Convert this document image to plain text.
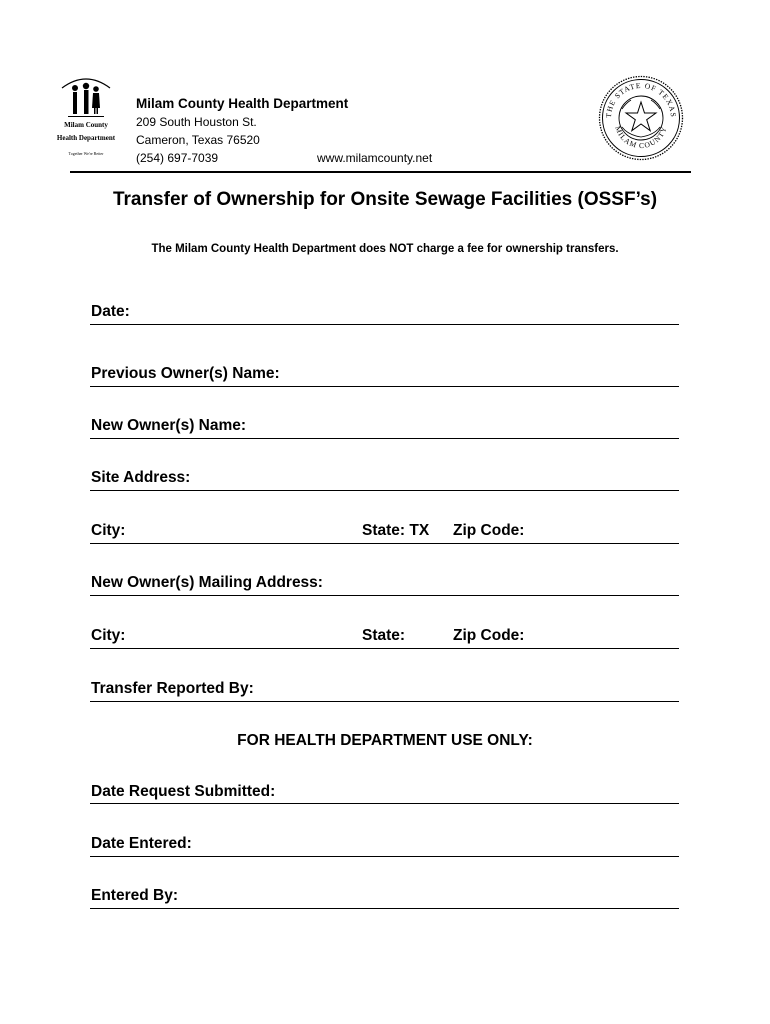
Milam County
Health Department
Together We're Better
Milam County Health Department
209 South Houston St.
Cameron, Texas 76520
(254) 697-7039	www.milamcounty.net
THE STATE OF TEXAS
MILAM COUNTY
Transfer of Ownership for Onsite Sewage Facilities (OSSF’s)
The Milam County Health Department does NOT charge a fee for ownership transfers.
Date:
Previous Owner(s) Name:
New Owner(s) Name:
Site Address:
City:	State: TX Zip Code:
New Owner(s) Mailing Address:
City:	State:	Zip Code:
Transfer Reported By:
FOR HEALTH DEPARTMENT USE ONLY:
Date Request Submitted:
Date Entered:
Entered By:
